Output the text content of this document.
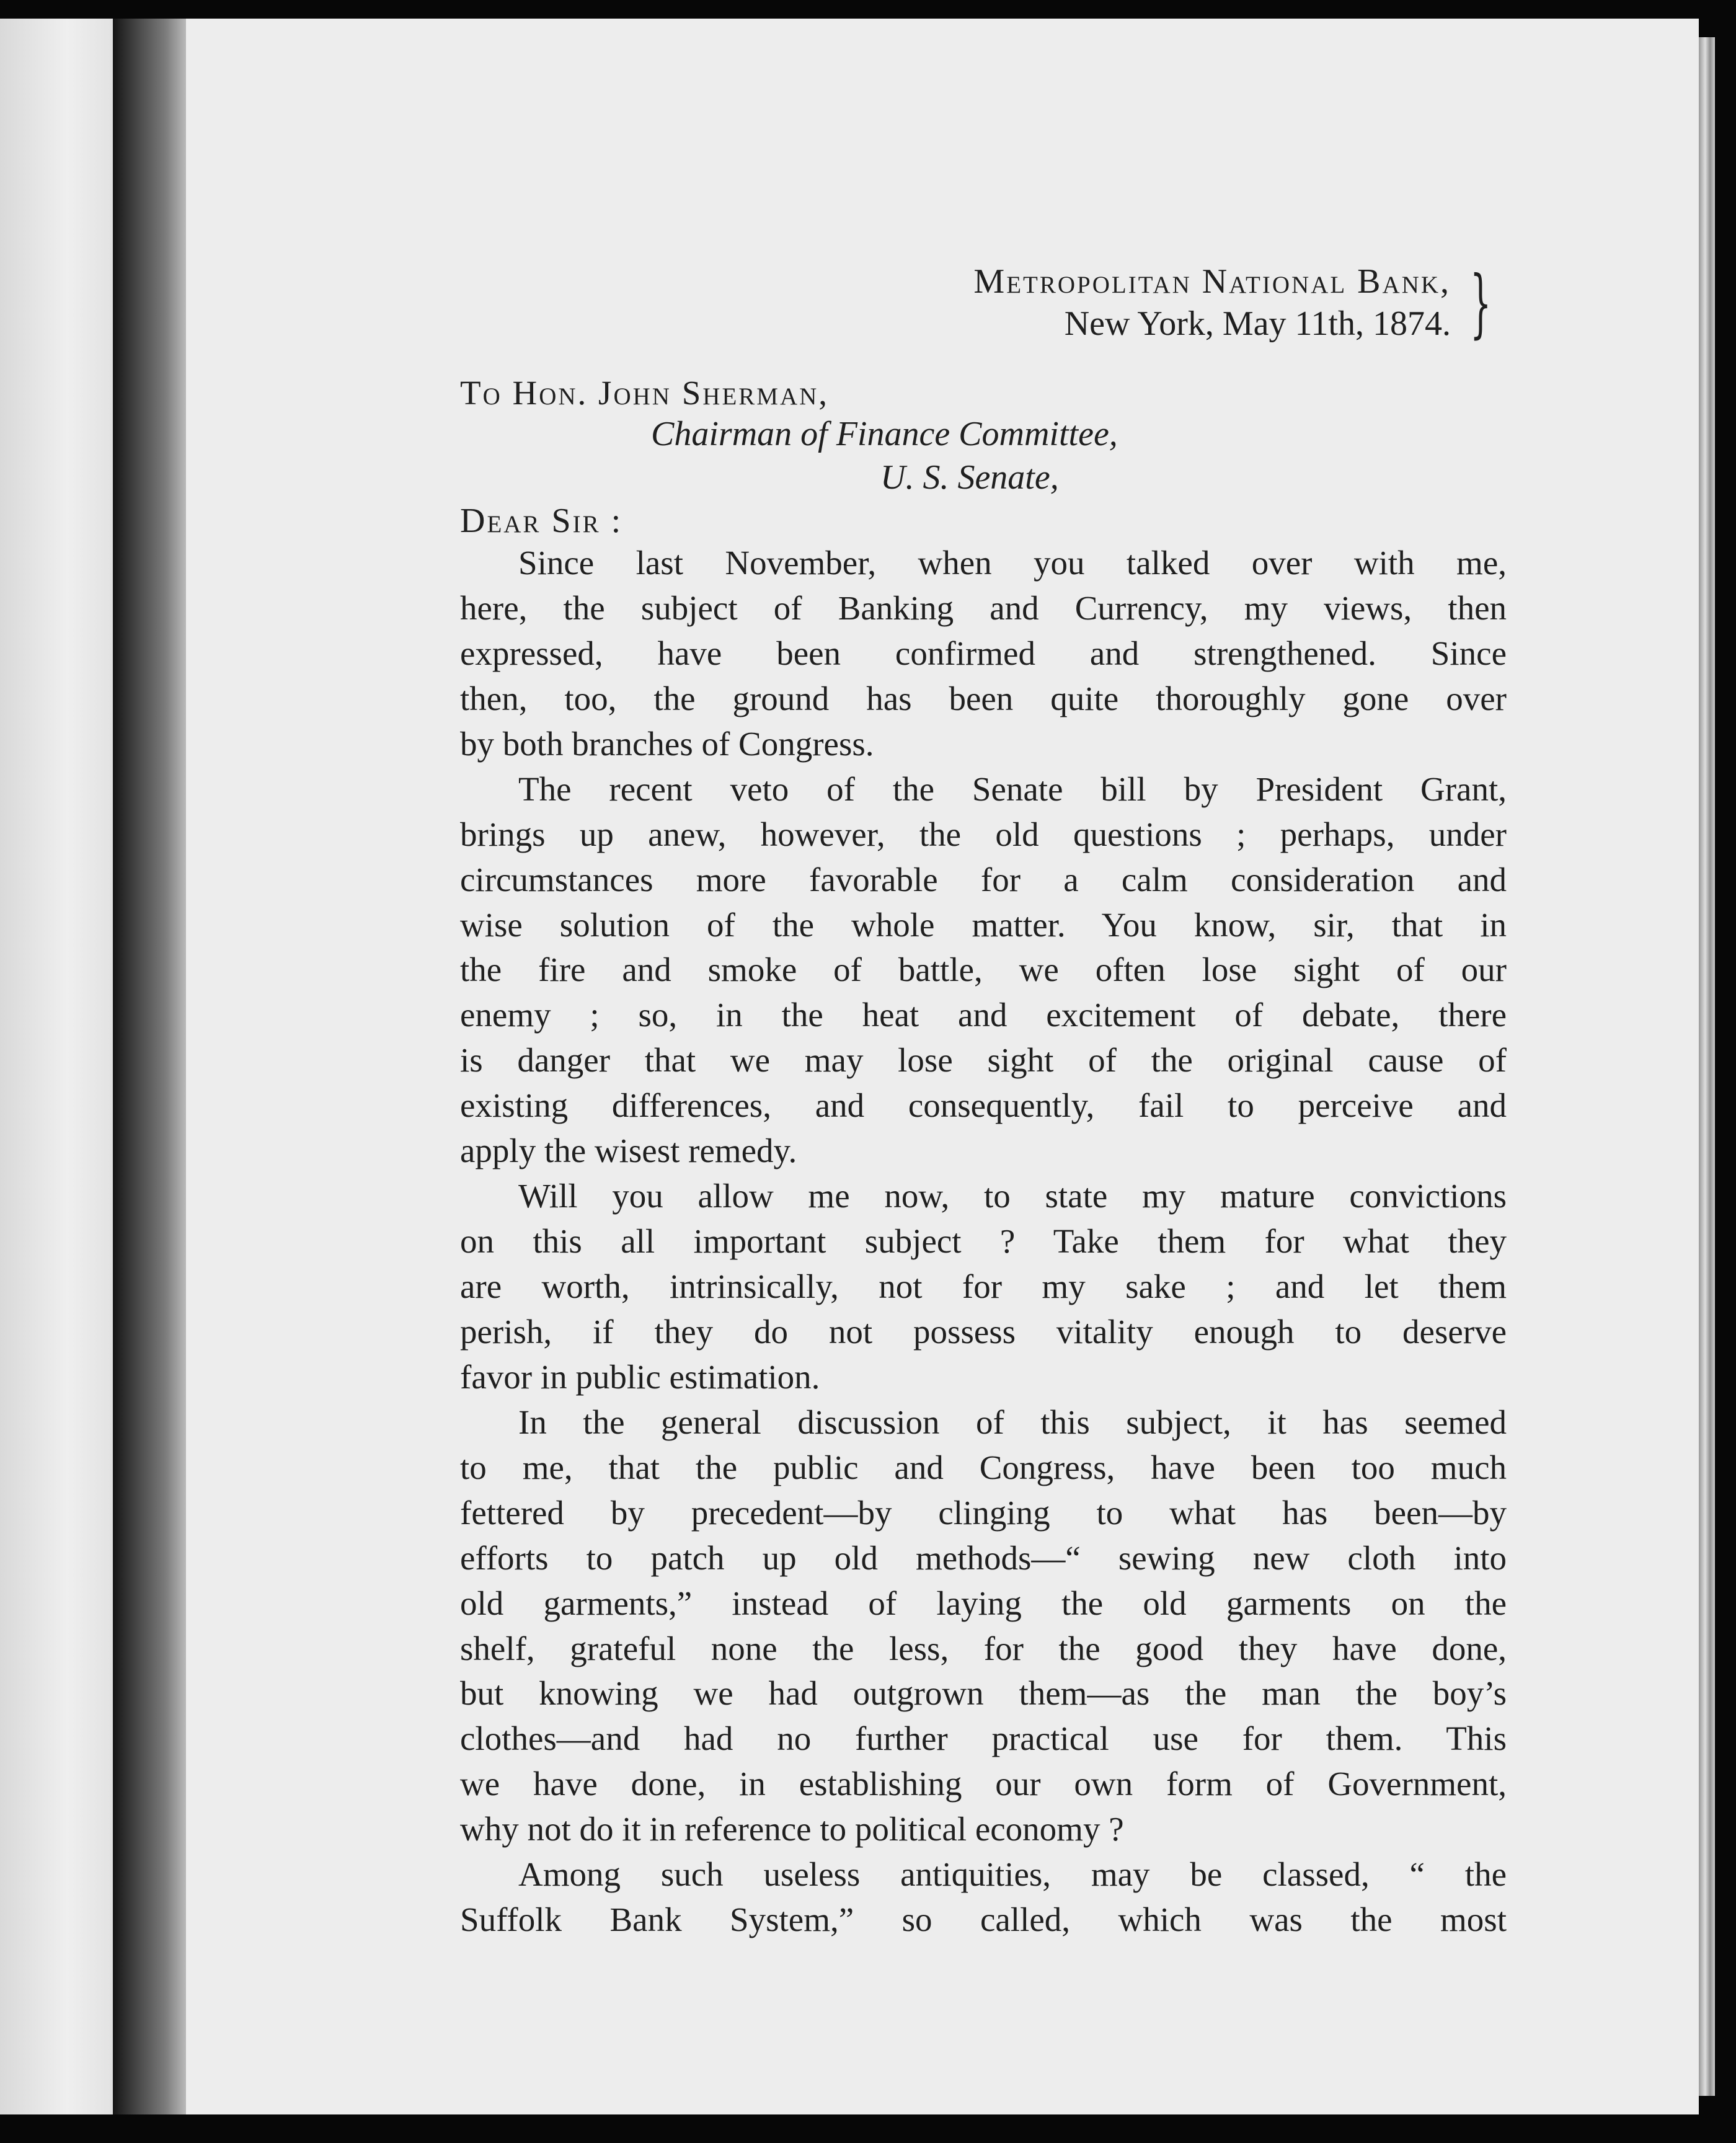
Metropolitan National Bank,
New York, May 11th, 1874. }
To Hon. John Sherman,
Chairman of Finance Committee,
U. S. Senate,
Dear Sir :
Since last November, when you talked over with me,
here, the subject of Banking and Currency, my views, then
expressed, have been confirmed and strengthened. Since
then, too, the ground has been quite thoroughly gone over
by both branches of Congress.
The recent veto of the Senate bill by President Grant,
brings up anew, however, the old questions ; perhaps, under
circumstances more favorable for a calm consideration and
wise solution of the whole matter. You know, sir, that in
the fire and smoke of battle, we often lose sight of our
enemy ; so, in the heat and excitement of debate, there
is danger that we may lose sight of the original cause of
existing differences, and consequently, fail to perceive and
apply the wisest remedy.
Will you allow me now, to state my mature convictions
on this all important subject ? Take them for what they
are worth, intrinsically, not for my sake ; and let them
perish, if they do not possess vitality enough to deserve
favor in public estimation.
In the general discussion of this subject, it has seemed
to me, that the public and Congress, have been too much
fettered by precedent—by clinging to what has been—by
efforts to patch up old methods—“ sewing new cloth into
old garments,” instead of laying the old garments on the
shelf, grateful none the less, for the good they have done,
but knowing we had outgrown them—as the man the boy’s
clothes—and had no further practical use for them. This
we have done, in establishing our own form of Government,
why not do it in reference to political economy ?
Among such useless antiquities, may be classed, “ the
Suffolk Bank System,” so called, which was the most
